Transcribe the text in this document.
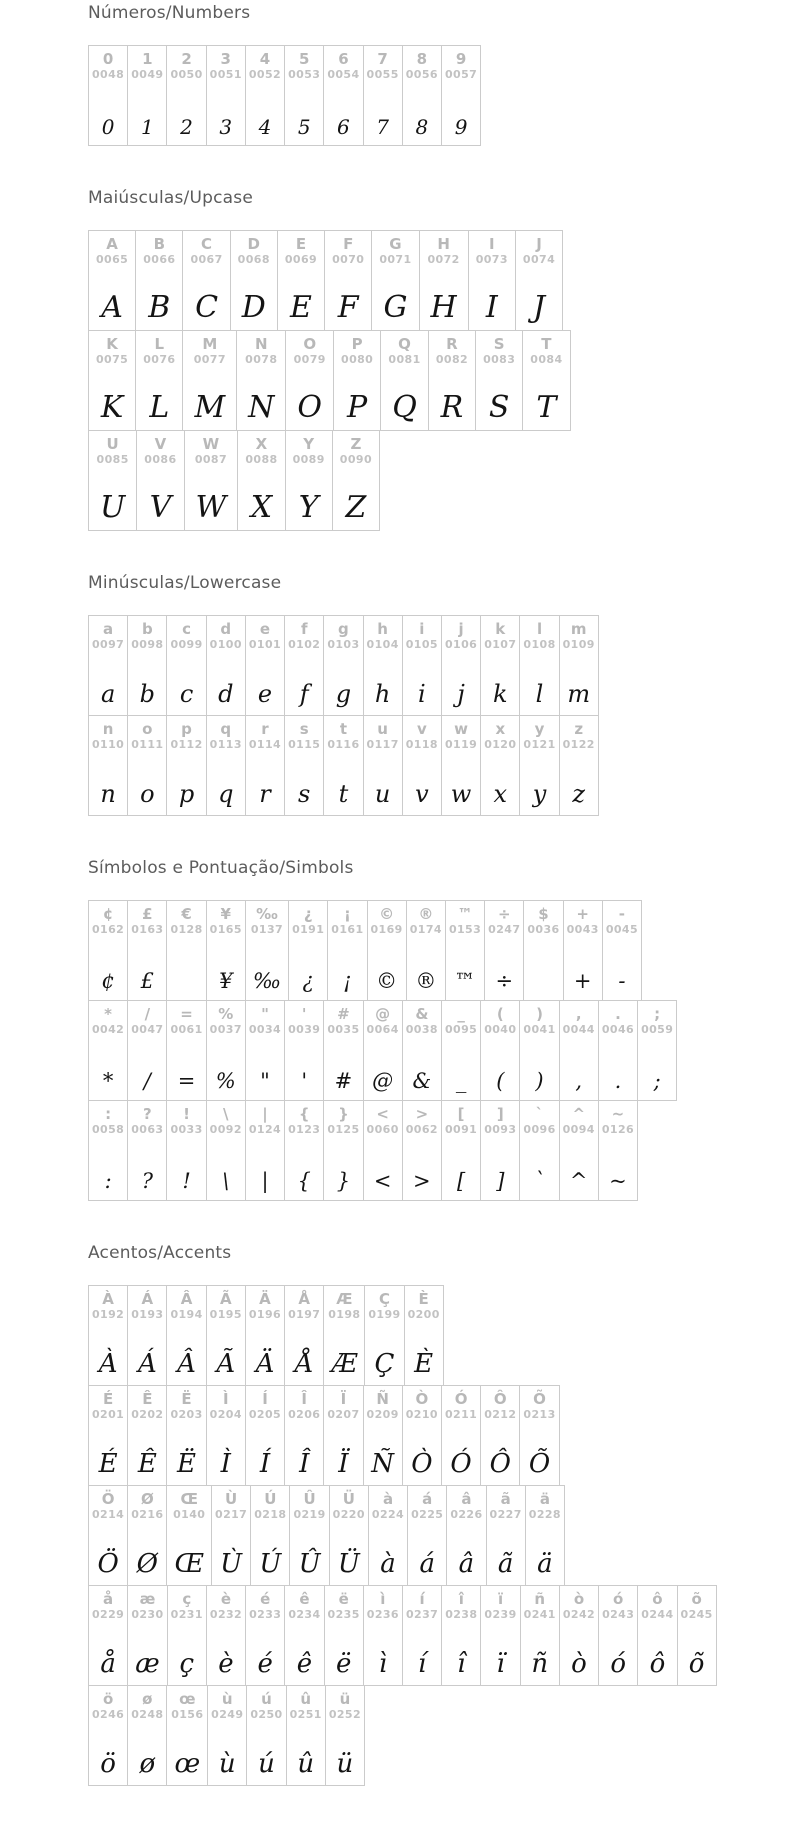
Números/Numbers
0
0048
0
1
0049
1
2
0050
2
3
0051
3
4
0052
4
5
0053
5
6
0054
6
7
0055
7
8
0056
8
9
0057
9
Maiúsculas/Upcase
A
0065
A
B
0066
B
C
0067
C
D
0068
D
E
0069
E
F
0070
F
G
0071
G
H
0072
H
I
0073
I
J
0074
J
K
0075
K
L
0076
L
M
0077
M
N
0078
N
O
0079
O
P
0080
P
Q
0081
Q
R
0082
R
S
0083
S
T
0084
T
U
0085
U
V
0086
V
W
0087
W
X
0088
X
Y
0089
Y
Z
0090
Z
Minúsculas/Lowercase
a
0097
a
b
0098
b
c
0099
c
d
0100
d
e
0101
e
f
0102
f
g
0103
g
h
0104
h
i
0105
i
j
0106
j
k
0107
k
l
0108
l
m
0109
m
n
0110
n
o
0111
o
p
0112
p
q
0113
q
r
0114
r
s
0115
s
t
0116
t
u
0117
u
v
0118
v
w
0119
w
x
0120
x
y
0121
y
z
0122
z
Símbolos e Pontuação/Simbols
¢
0162
¢
£
0163
£
€
0128
¥
0165
¥
‰
0137
‰
¿
0191
¿
¡
0161
¡
©
0169
©
®
0174
®
™
0153
™
÷
0247
÷
$
0036
+
0043
+
-
0045
-
*
0042
*
/
0047
/
=
0061
=
%
0037
%
"
0034
"
'
0039
'
#
0035
#
@
0064
@
&
0038
&
_
0095
_
(
0040
(
)
0041
)
,
0044
,
.
0046
.
;
0059
;
:
0058
:
?
0063
?
!
0033
!
\
0092
\
|
0124
|
{
0123
{
}
0125
}
<
0060
<
>
0062
>
[
0091
[
]
0093
]
`
0096
`
^
0094
^
~
0126
~
Acentos/Accents
À
0192
À
Á
0193
Á
Â
0194
Â
Ã
0195
Ã
Ä
0196
Ä
Å
0197
Å
Æ
0198
Æ
Ç
0199
Ç
È
0200
È
É
0201
É
Ê
0202
Ê
Ë
0203
Ë
Ì
0204
Ì
Í
0205
Í
Î
0206
Î
Ï
0207
Ï
Ñ
0209
Ñ
Ò
0210
Ò
Ó
0211
Ó
Ô
0212
Ô
Õ
0213
Õ
Ö
0214
Ö
Ø
0216
Ø
Œ
0140
Œ
Ù
0217
Ù
Ú
0218
Ú
Û
0219
Û
Ü
0220
Ü
à
0224
à
á
0225
á
â
0226
â
ã
0227
ã
ä
0228
ä
å
0229
å
æ
0230
æ
ç
0231
ç
è
0232
è
é
0233
é
ê
0234
ê
ë
0235
ë
ì
0236
ì
í
0237
í
î
0238
î
ï
0239
ï
ñ
0241
ñ
ò
0242
ò
ó
0243
ó
ô
0244
ô
õ
0245
õ
ö
0246
ö
ø
0248
ø
œ
0156
œ
ù
0249
ù
ú
0250
ú
û
0251
û
ü
0252
ü
